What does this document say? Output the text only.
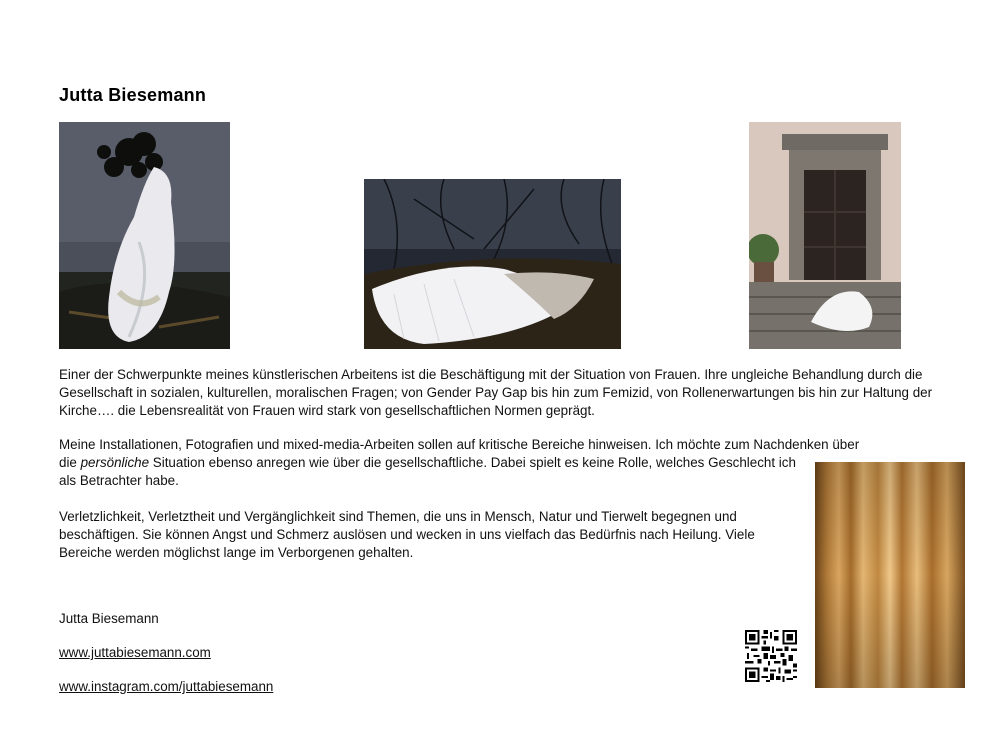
Jutta Biesemann

Einer der Schwerpunkte meines künstlerischen Arbeitens ist die Beschäftigung mit der Situation von Frauen. Ihre ungleiche Behandlung durch die Gesellschaft in sozialen, kulturellen, moralischen Fragen; von Gender Pay Gap bis hin zum Femizid, von Rollenerwartungen bis hin zur Haltung der Kirche…. die Lebensrealität von Frauen wird stark von gesellschaftlichen Normen geprägt.

Meine Installationen, Fotografien und mixed-media-Arbeiten sollen auf kritische Bereiche hinweisen. Ich möchte zum Nachdenken über
die persönliche Situation ebenso anregen wie über die gesellschaftliche. Dabei spielt es keine Rolle, welches Geschlecht ich als Betrachter habe.

Verletzlichkeit, Verletztheit und Vergänglichkeit sind Themen, die uns in Mensch, Natur und Tierwelt begegnen und beschäftigen. Sie können Angst und Schmerz auslösen und wecken in uns vielfach das Bedürfnis nach Heilung. Viele Bereiche werden möglichst lange im Verborgenen gehalten.

Jutta Biesemann
www.juttabiesemann.com
www.instagram.com/juttabiesemann
